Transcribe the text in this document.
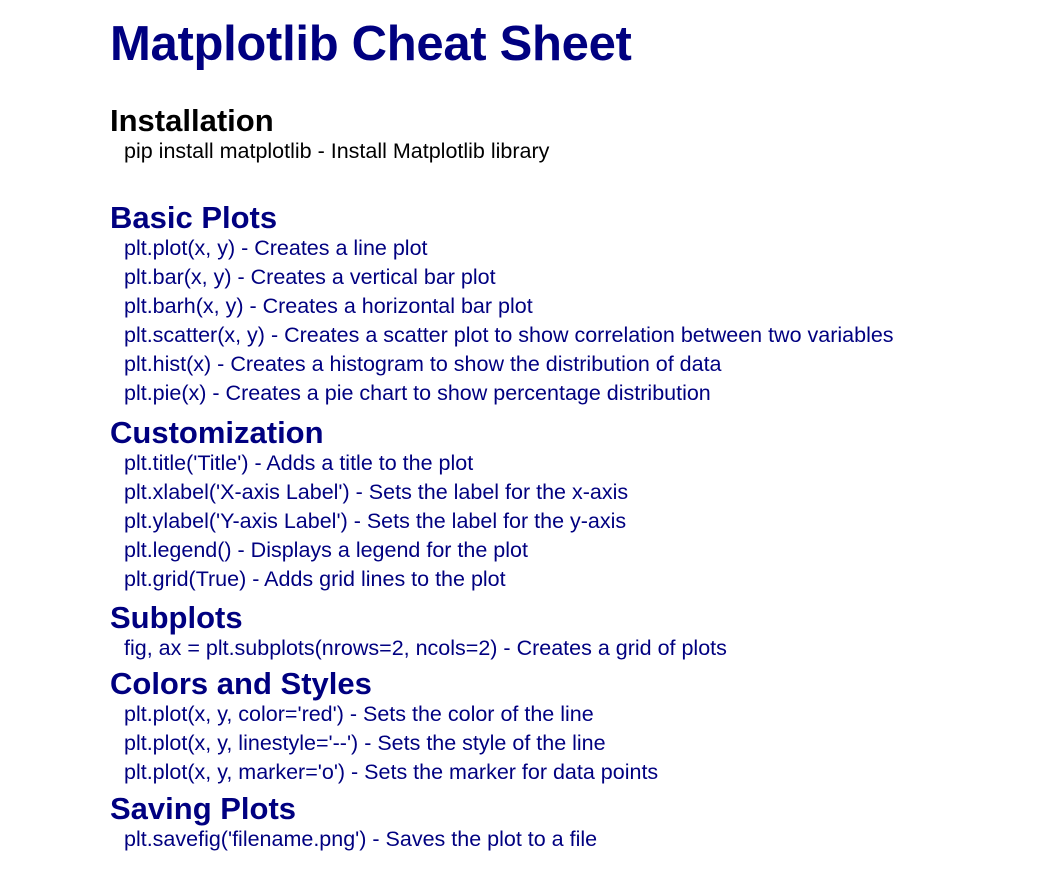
Matplotlib Cheat Sheet
Installation
pip install matplotlib - Install Matplotlib library
Basic Plots
plt.plot(x, y) - Creates a line plot
plt.bar(x, y) - Creates a vertical bar plot
plt.barh(x, y) - Creates a horizontal bar plot
plt.scatter(x, y) - Creates a scatter plot to show correlation between two variables
plt.hist(x) - Creates a histogram to show the distribution of data
plt.pie(x) - Creates a pie chart to show percentage distribution
Customization
plt.title('Title') - Adds a title to the plot
plt.xlabel('X-axis Label') - Sets the label for the x-axis
plt.ylabel('Y-axis Label') - Sets the label for the y-axis
plt.legend() - Displays a legend for the plot
plt.grid(True) - Adds grid lines to the plot
Subplots
fig, ax = plt.subplots(nrows=2, ncols=2) - Creates a grid of plots
Colors and Styles
plt.plot(x, y, color='red') - Sets the color of the line
plt.plot(x, y, linestyle='--') - Sets the style of the line
plt.plot(x, y, marker='o') - Sets the marker for data points
Saving Plots
plt.savefig('filename.png') - Saves the plot to a file
